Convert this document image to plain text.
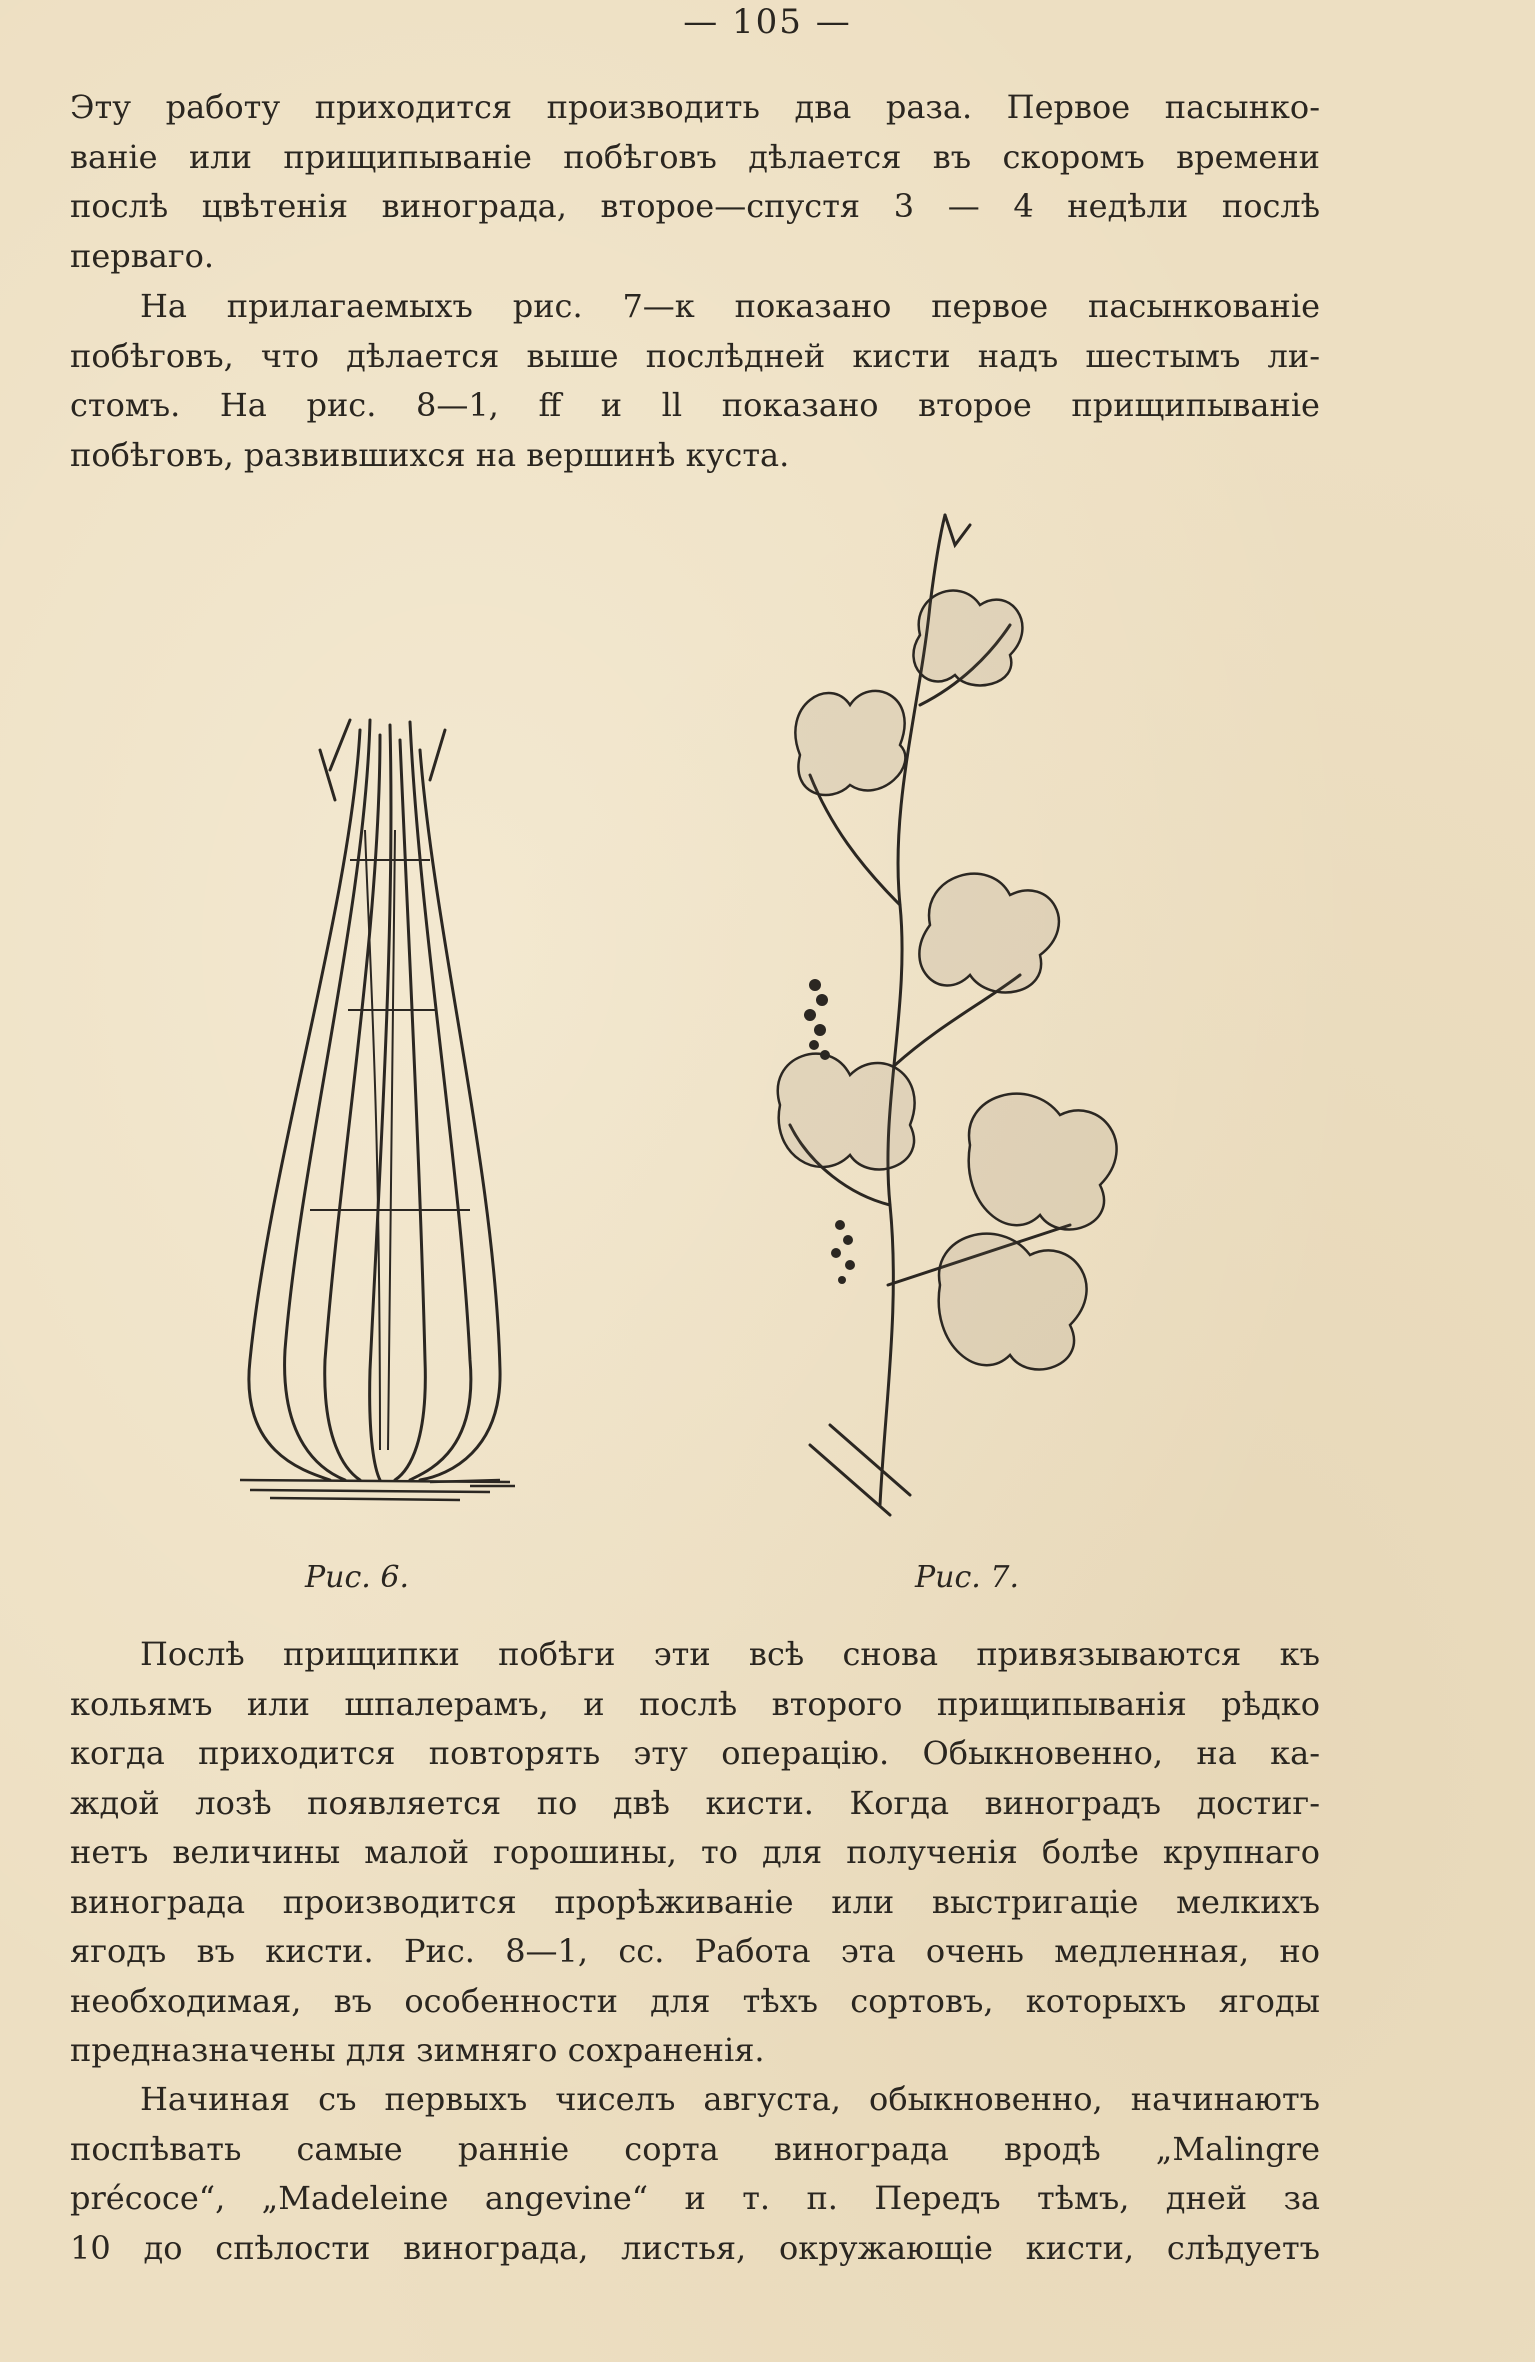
— 105 —

Эту работу приходится производить два раза. Первое пасынко-
ваніе или прищипываніе побѣговъ дѣлается въ скоромъ времени
послѣ цвѣтенія винограда, второе—спустя 3 — 4 недѣли послѣ
перваго.

На прилагаемыхъ рис. 7—к показано первое пасынкованіе
побѣговъ, что дѣлается выше послѣдней кисти надъ шестымъ ли-
стомъ. На рис. 8—1, ff и ll показано второе прищипываніе
побѣговъ, развившихся на вершинѣ куста.

Рис. 6.	Рис. 7.

Послѣ прищипки побѣги эти всѣ снова привязываются къ
кольямъ или шпалерамъ, и послѣ второго прищипыванія рѣдко
когда приходится повторять эту операцію. Обыкновенно, на ка-
ждой лозѣ появляется по двѣ кисти. Когда виноградъ достиг-
нетъ величины малой горошины, то для полученія болѣе крупнаго
винограда производится прорѣживаніе или выстригаціе мелкихъ
ягодъ въ кисти. Рис. 8—1, сс. Работа эта очень медленная, но
необходимая, въ особенности для тѣхъ сортовъ, которыхъ ягоды
предназначены для зимняго сохраненія.

Начиная съ первыхъ чиселъ августа, обыкновенно, начинаютъ
поспѣвать самые ранніе сорта винограда вродѣ „Malingre
précoce“, „Madeleine angevine“ и т. п. Передъ тѣмъ, дней за
10 до спѣлости винограда, листья, окружающіе кисти, слѣдуетъ
